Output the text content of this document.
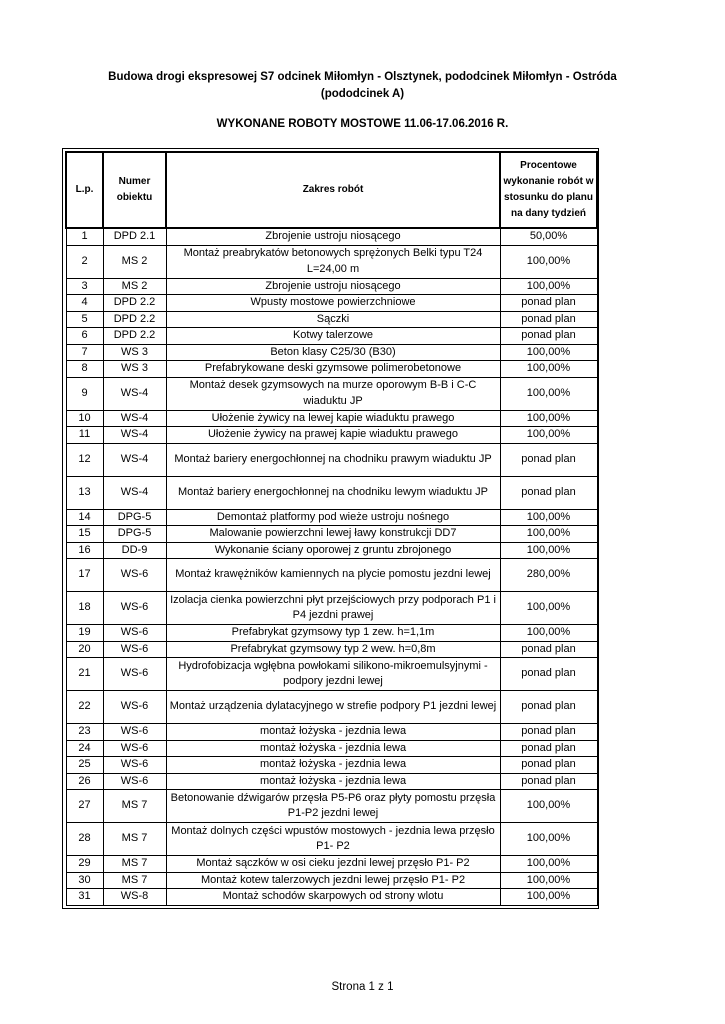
Budowa drogi ekspresowej S7 odcinek Miłomłyn - Olsztynek, pododcinek Miłomłyn - Ostróda
(pododcinek A)
WYKONANE ROBOTY MOSTOWE 11.06-17.06.2016 R.
L.p.	Numer obiektu	Zakres robót	Procentowe wykonanie robót w stosunku do planu na dany tydzień
1	DPD 2.1	Zbrojenie ustroju niosącego	50,00%
2	MS 2	Montaż preabrykatów betonowych sprężonych Belki typu T24 L=24,00 m	100,00%
3	MS 2	Zbrojenie ustroju niosącego	100,00%
4	DPD 2.2	Wpusty mostowe powierzchniowe	ponad plan
5	DPD 2.2	Sączki	ponad plan
6	DPD 2.2	Kotwy talerzowe	ponad plan
7	WS 3	Beton klasy C25/30 (B30)	100,00%
8	WS 3	Prefabrykowane deski gzymsowe polimerobetonowe	100,00%
9	WS-4	Montaż desek gzymsowych na murze oporowym B-B i C-C wiaduktu JP	100,00%
10	WS-4	Ułożenie żywicy na lewej kapie wiaduktu prawego	100,00%
11	WS-4	Ułożenie żywicy na prawej kapie wiaduktu prawego	100,00%
12	WS-4	Montaż bariery energochłonnej na chodniku prawym wiaduktu JP	ponad plan
13	WS-4	Montaż bariery energochłonnej na chodniku lewym wiaduktu JP	ponad plan
14	DPG-5	Demontaż platformy pod wieże ustroju nośnego	100,00%
15	DPG-5	Malowanie powierzchni lewej ławy konstrukcji DD7	100,00%
16	DD-9	Wykonanie ściany oporowej z gruntu zbrojonego	100,00%
17	WS-6	Montaż krawężników kamiennych na plycie pomostu jezdni lewej	280,00%
18	WS-6	Izolacja cienka powierzchni płyt przejściowych przy podporach P1 i P4 jezdni prawej	100,00%
19	WS-6	Prefabrykat gzymsowy typ 1 zew. h=1,1m	100,00%
20	WS-6	Prefabrykat gzymsowy typ 2 wew. h=0,8m	ponad plan
21	WS-6	Hydrofobizacja wgłębna powłokami silikono-mikroemulsyjnymi -podpory jezdni lewej	ponad plan
22	WS-6	Montaż urządzenia dylatacyjnego w strefie podpory P1 jezdni lewej	ponad plan
23	WS-6	montaż łożyska - jezdnia lewa	ponad plan
24	WS-6	montaż łożyska - jezdnia lewa	ponad plan
25	WS-6	montaż łożyska - jezdnia lewa	ponad plan
26	WS-6	montaż łożyska - jezdnia lewa	ponad plan
27	MS 7	Betonowanie dźwigarów przęsła P5-P6 oraz płyty pomostu przęsła P1-P2 jezdni lewej	100,00%
28	MS 7	Montaż dolnych części wpustów mostowych - jezdnia lewa przęsło P1- P2	100,00%
29	MS 7	Montaż sączków w osi cieku jezdni lewej przęsło P1- P2	100,00%
30	MS 7	Montaż kotew talerzowych jezdni lewej przęsło P1- P2	100,00%
31	WS-8	Montaż schodów skarpowych od strony wlotu	100,00%
Strona 1 z 1
